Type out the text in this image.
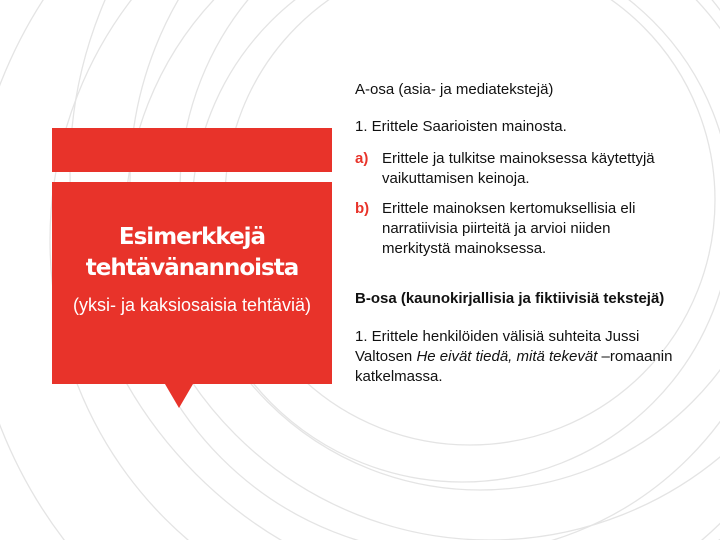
Esimerkkejä tehtävänannoista
(yksi- ja kaksiosaisia tehtäviä)

A-osa (asia- ja mediatekstejä)

1. Erittele Saarioisten mainosta.

a) Erittele ja tulkitse mainoksessa käytettyjä vaikuttamisen keinoja.
b) Erittele mainoksen kertomuksellisia eli narratiivisia piirteitä ja arvioi niiden merkitystä mainoksessa.

B-osa (kaunokirjallisia ja fiktiivisiä tekstejä)

1. Erittele henkilöiden välisiä suhteita Jussi Valtosen He eivät tiedä, mitä tekevät –romaanin katkelmassa.
